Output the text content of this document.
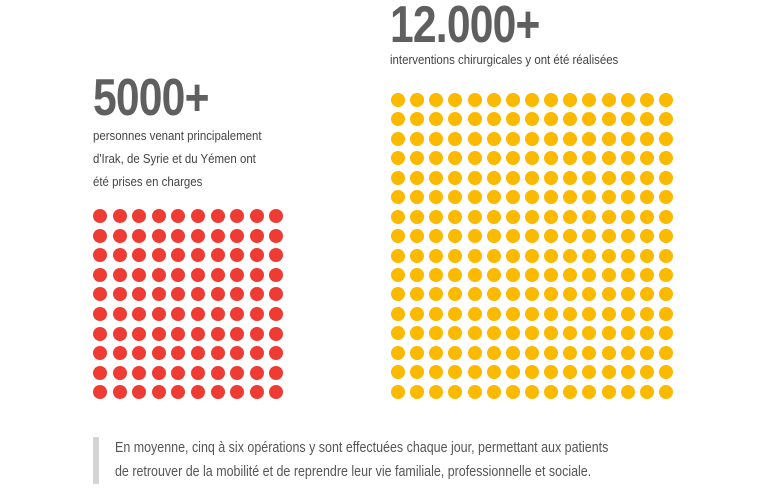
12.000+

interventions chirurgicales y ont été réalisées

5000+

personnes venant principalement
d'Irak, de Syrie et du Yémen ont
été prises en charges

En moyenne, cinq à six opérations y sont effectuées chaque jour, permettant aux patients
de retrouver de la mobilité et de reprendre leur vie familiale, professionnelle et sociale.
